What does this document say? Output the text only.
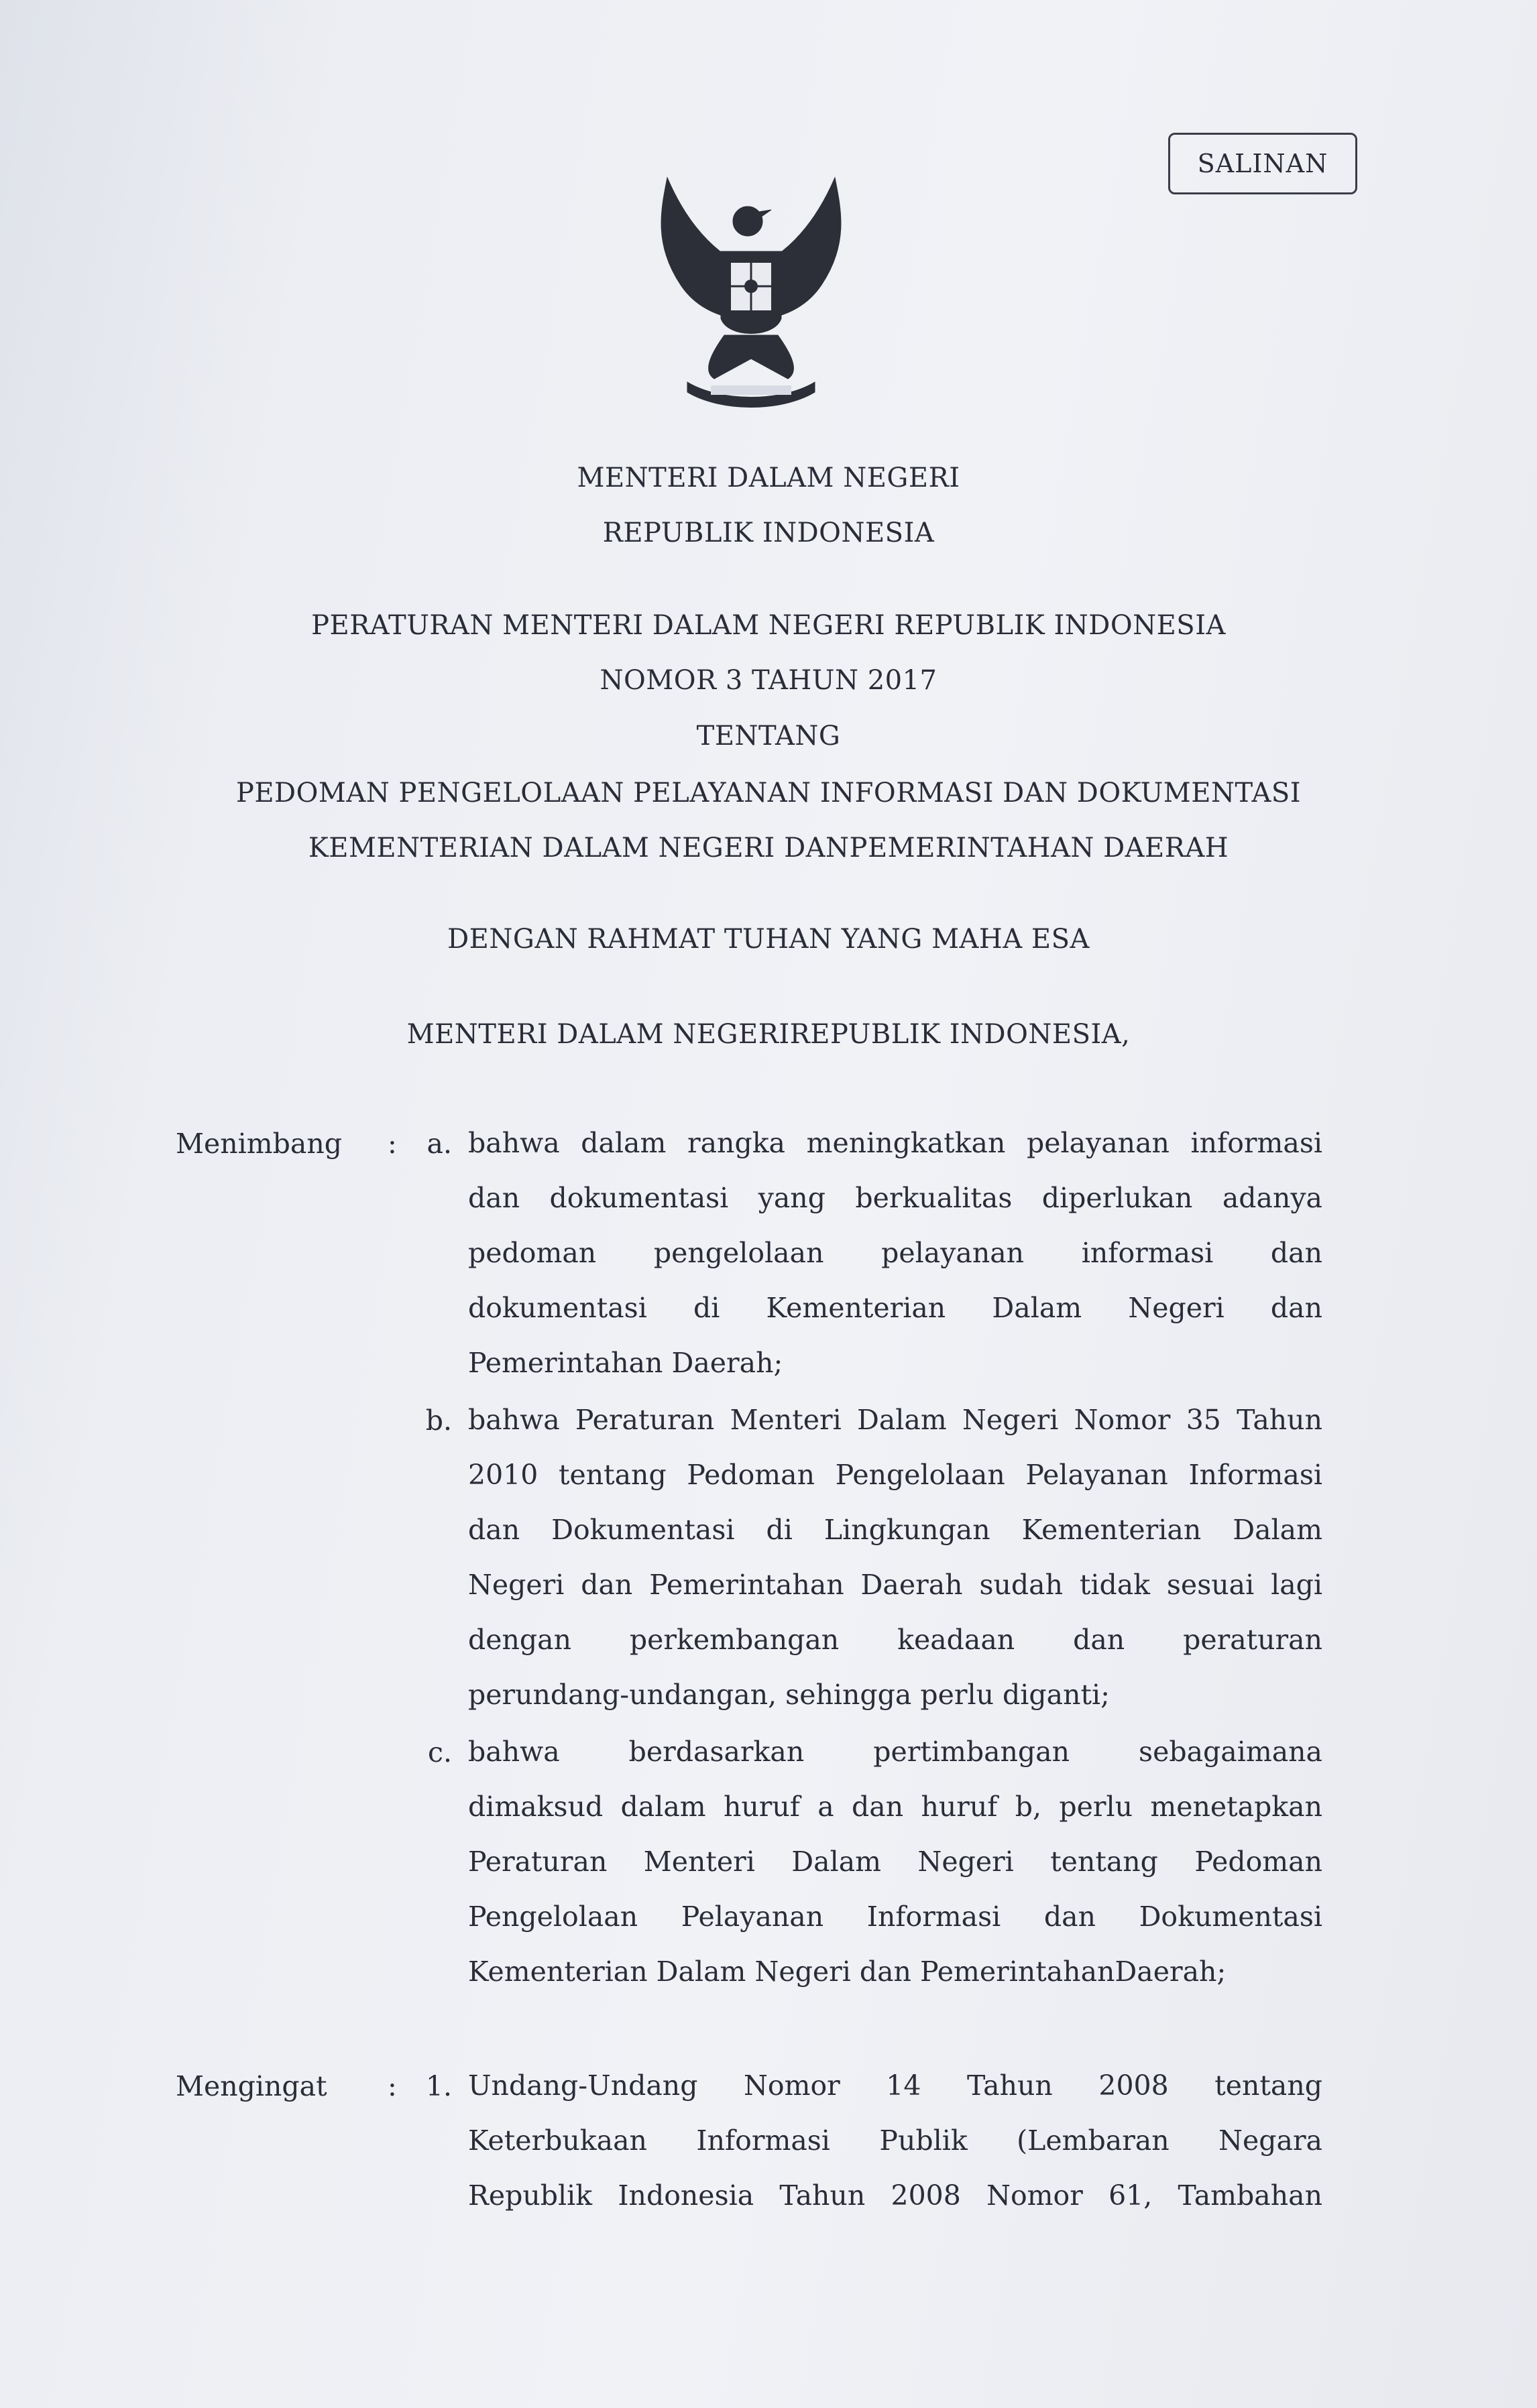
SALINAN
MENTERI DALAM NEGERI
REPUBLIK INDONESIA
PERATURAN MENTERI DALAM NEGERI REPUBLIK INDONESIA
NOMOR 3 TAHUN 2017
TENTANG
PEDOMAN PENGELOLAAN PELAYANAN INFORMASI DAN DOKUMENTASI
KEMENTERIAN DALAM NEGERI DANPEMERINTAHAN DAERAH
DENGAN RAHMAT TUHAN YANG MAHA ESA
MENTERI DALAM NEGERIREPUBLIK INDONESIA,
Menimbang :	a. bahwa dalam rangka meningkatkan pelayanan informasi
dan dokumentasi yang berkualitas diperlukan adanya
pedoman pengelolaan pelayanan informasi dan
dokumentasi di Kementerian Dalam Negeri dan
Pemerintahan Daerah;
b. bahwa Peraturan Menteri Dalam Negeri Nomor 35 Tahun
2010 tentang Pedoman Pengelolaan Pelayanan Informasi
dan Dokumentasi di Lingkungan Kementerian Dalam
Negeri dan Pemerintahan Daerah sudah tidak sesuai lagi
dengan perkembangan keadaan dan peraturan
perundang-undangan, sehingga perlu diganti;
c. bahwa berdasarkan pertimbangan sebagaimana
dimaksud dalam huruf a dan huruf b, perlu menetapkan
Peraturan Menteri Dalam Negeri tentang Pedoman
Pengelolaan Pelayanan Informasi dan Dokumentasi
Kementerian Dalam Negeri dan PemerintahanDaerah;
Mengingat : 1. Undang-Undang Nomor 14 Tahun 2008 tentang
Keterbukaan Informasi Publik (Lembaran Negara
Republik Indonesia Tahun 2008 Nomor 61, Tambahan
